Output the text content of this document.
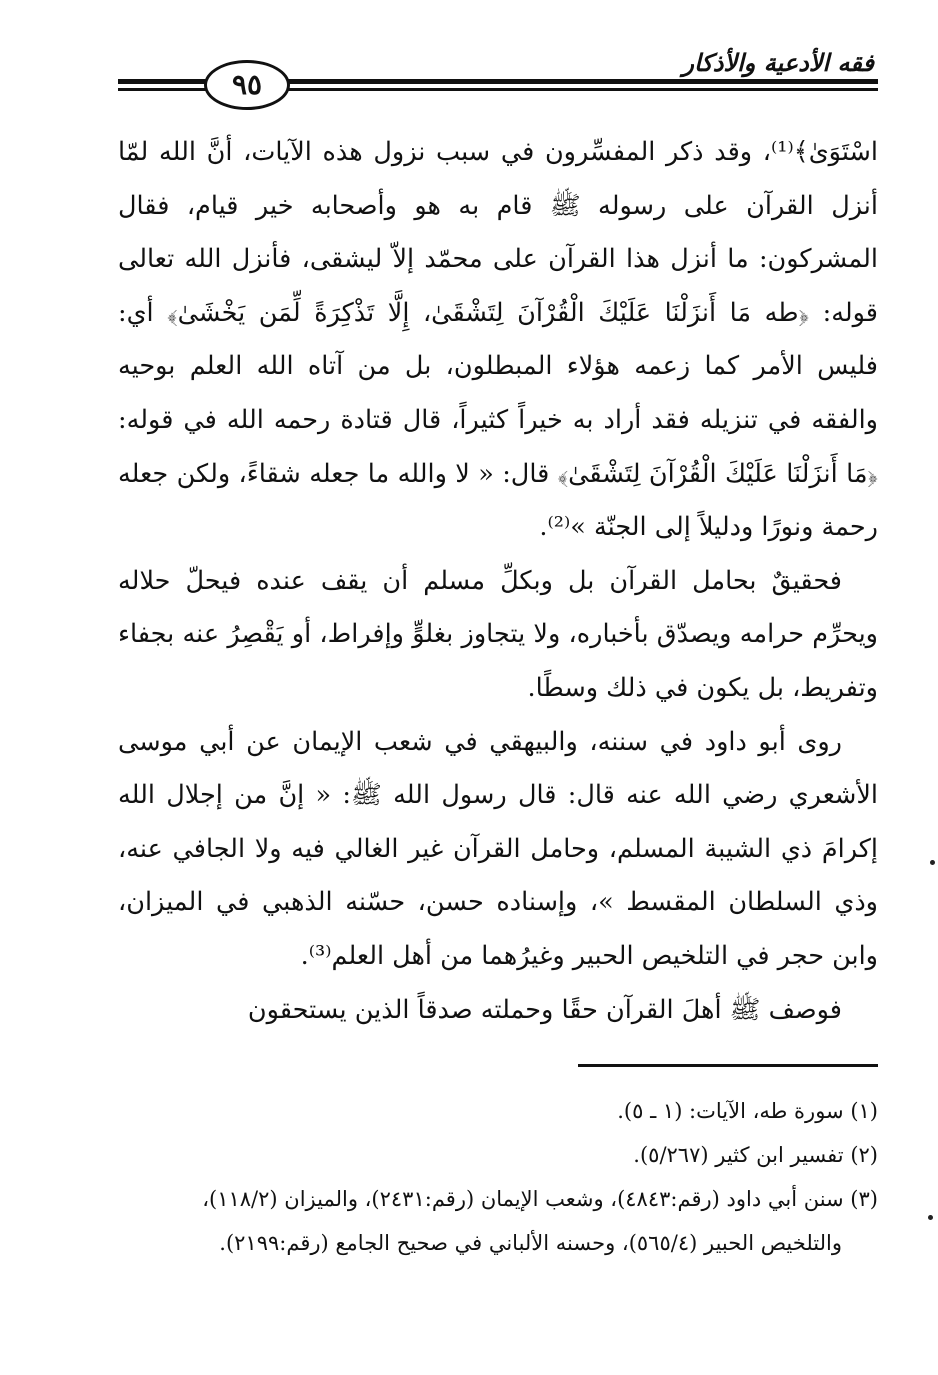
فقه الأدعية والأذكار
٩٥

اسْتَوَىٰ﴾⁽¹⁾، وقد ذكر المفسِّرون في سبب نزول هذه الآيات، أنَّ الله لمّا أنزل القرآن على رسوله ﷺ قام به هو وأصحابه خير قيام، فقال المشركون: ما أنزل هذا القرآن على محمّد إلاّ ليشقى، فأنزل الله تعالى قوله: ﴿طه مَا أَنزَلْنَا عَلَيْكَ الْقُرْآنَ لِتَشْقَىٰ، إِلَّا تَذْكِرَةً لِّمَن يَخْشَىٰ﴾ أي: فليس الأمر كما زعمه هؤلاء المبطلون، بل من آتاه الله العلم بوحيه والفقه في تنزيله فقد أراد به خيراً كثيراً، قال قتادة رحمه الله في قوله: ﴿مَا أَنزَلْنَا عَلَيْكَ الْقُرْآنَ لِتَشْقَىٰ﴾ قال: « لا والله ما جعله شقاءً، ولكن جعله رحمة ونورًا ودليلاً إلى الجنّة »⁽²⁾.

فحقيقٌ بحامل القرآن بل وبكلِّ مسلم أن يقف عنده فيحلّ حلاله ويحرِّم حرامه ويصدّق بأخباره، ولا يتجاوز بغلوٍّ وإفراط، أو يَقْصِرُ عنه بجفاء وتفريط، بل يكون في ذلك وسطًا.

روى أبو داود في سننه، والبيهقي في شعب الإيمان عن أبي موسى الأشعري رضي الله عنه قال: قال رسول الله ﷺ: « إنَّ من إجلال الله إكرامَ ذي الشيبة المسلم، وحامل القرآن غير الغالي فيه ولا الجافي عنه، وذي السلطان المقسط »، وإسناده حسن، حسّنه الذهبي في الميزان، وابن حجر في التلخيص الحبير وغيرُهما من أهل العلم⁽³⁾.

فوصف ﷺ أهلَ القرآن حقًا وحملته صدقاً الذين يستحقون

(١) سورة طه، الآيات: (١ ـ ٥).

(٢) تفسير ابن كثير (٥/٢٦٧).

(٣) سنن أبي داود (رقم:٤٨٤٣)، وشعب الإيمان (رقم:٢٤٣١)، والميزان (١١٨/٢)،

والتلخيص الحبير (٥٦٥/٤)، وحسنه الألباني في صحيح الجامع (رقم:٢١٩٩).
